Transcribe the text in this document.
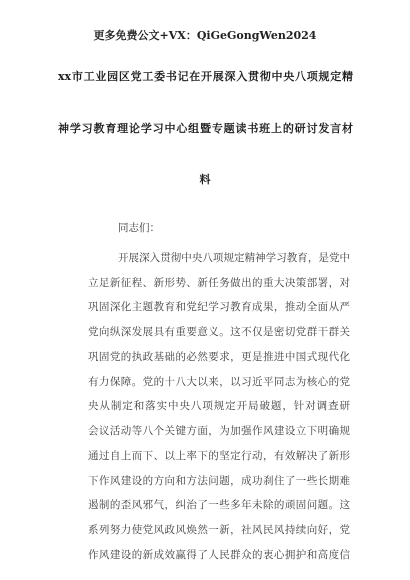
更多免费公文+VX：QiGeGongWen2024
xx市工业园区党工委书记在开展深入贯彻中央八项规定精
神学习教育理论学习中心组暨专题读书班上的研讨发言材
料
同志们：
开展深入贯彻中央八项规定精神学习教育，是党中
立足新征程、新形势、新任务做出的重大决策部署，对
巩固深化主题教育和党纪学习教育成果，推动全面从严
党向纵深发展具有重要意义。这不仅是密切党群干群关
巩固党的执政基础的必然要求，更是推进中国式现代化
有力保障。党的十八大以来，以习近平同志为核心的党
央从制定和落实中央八项规定开局破题，针对调查研
会议活动等八个关键方面，为加强作风建设立下明确规
通过自上而下、以上率下的坚定行动，有效解决了新形
下作风建设的方向和方法问题，成功刹住了一些长期难
遏制的歪风邪气，纠治了一些多年未除的顽固问题。这
系列努力使党风政风焕然一新，社风民风持续向好，党
作风建设的新成效赢得了人民群众的衷心拥护和高度信
